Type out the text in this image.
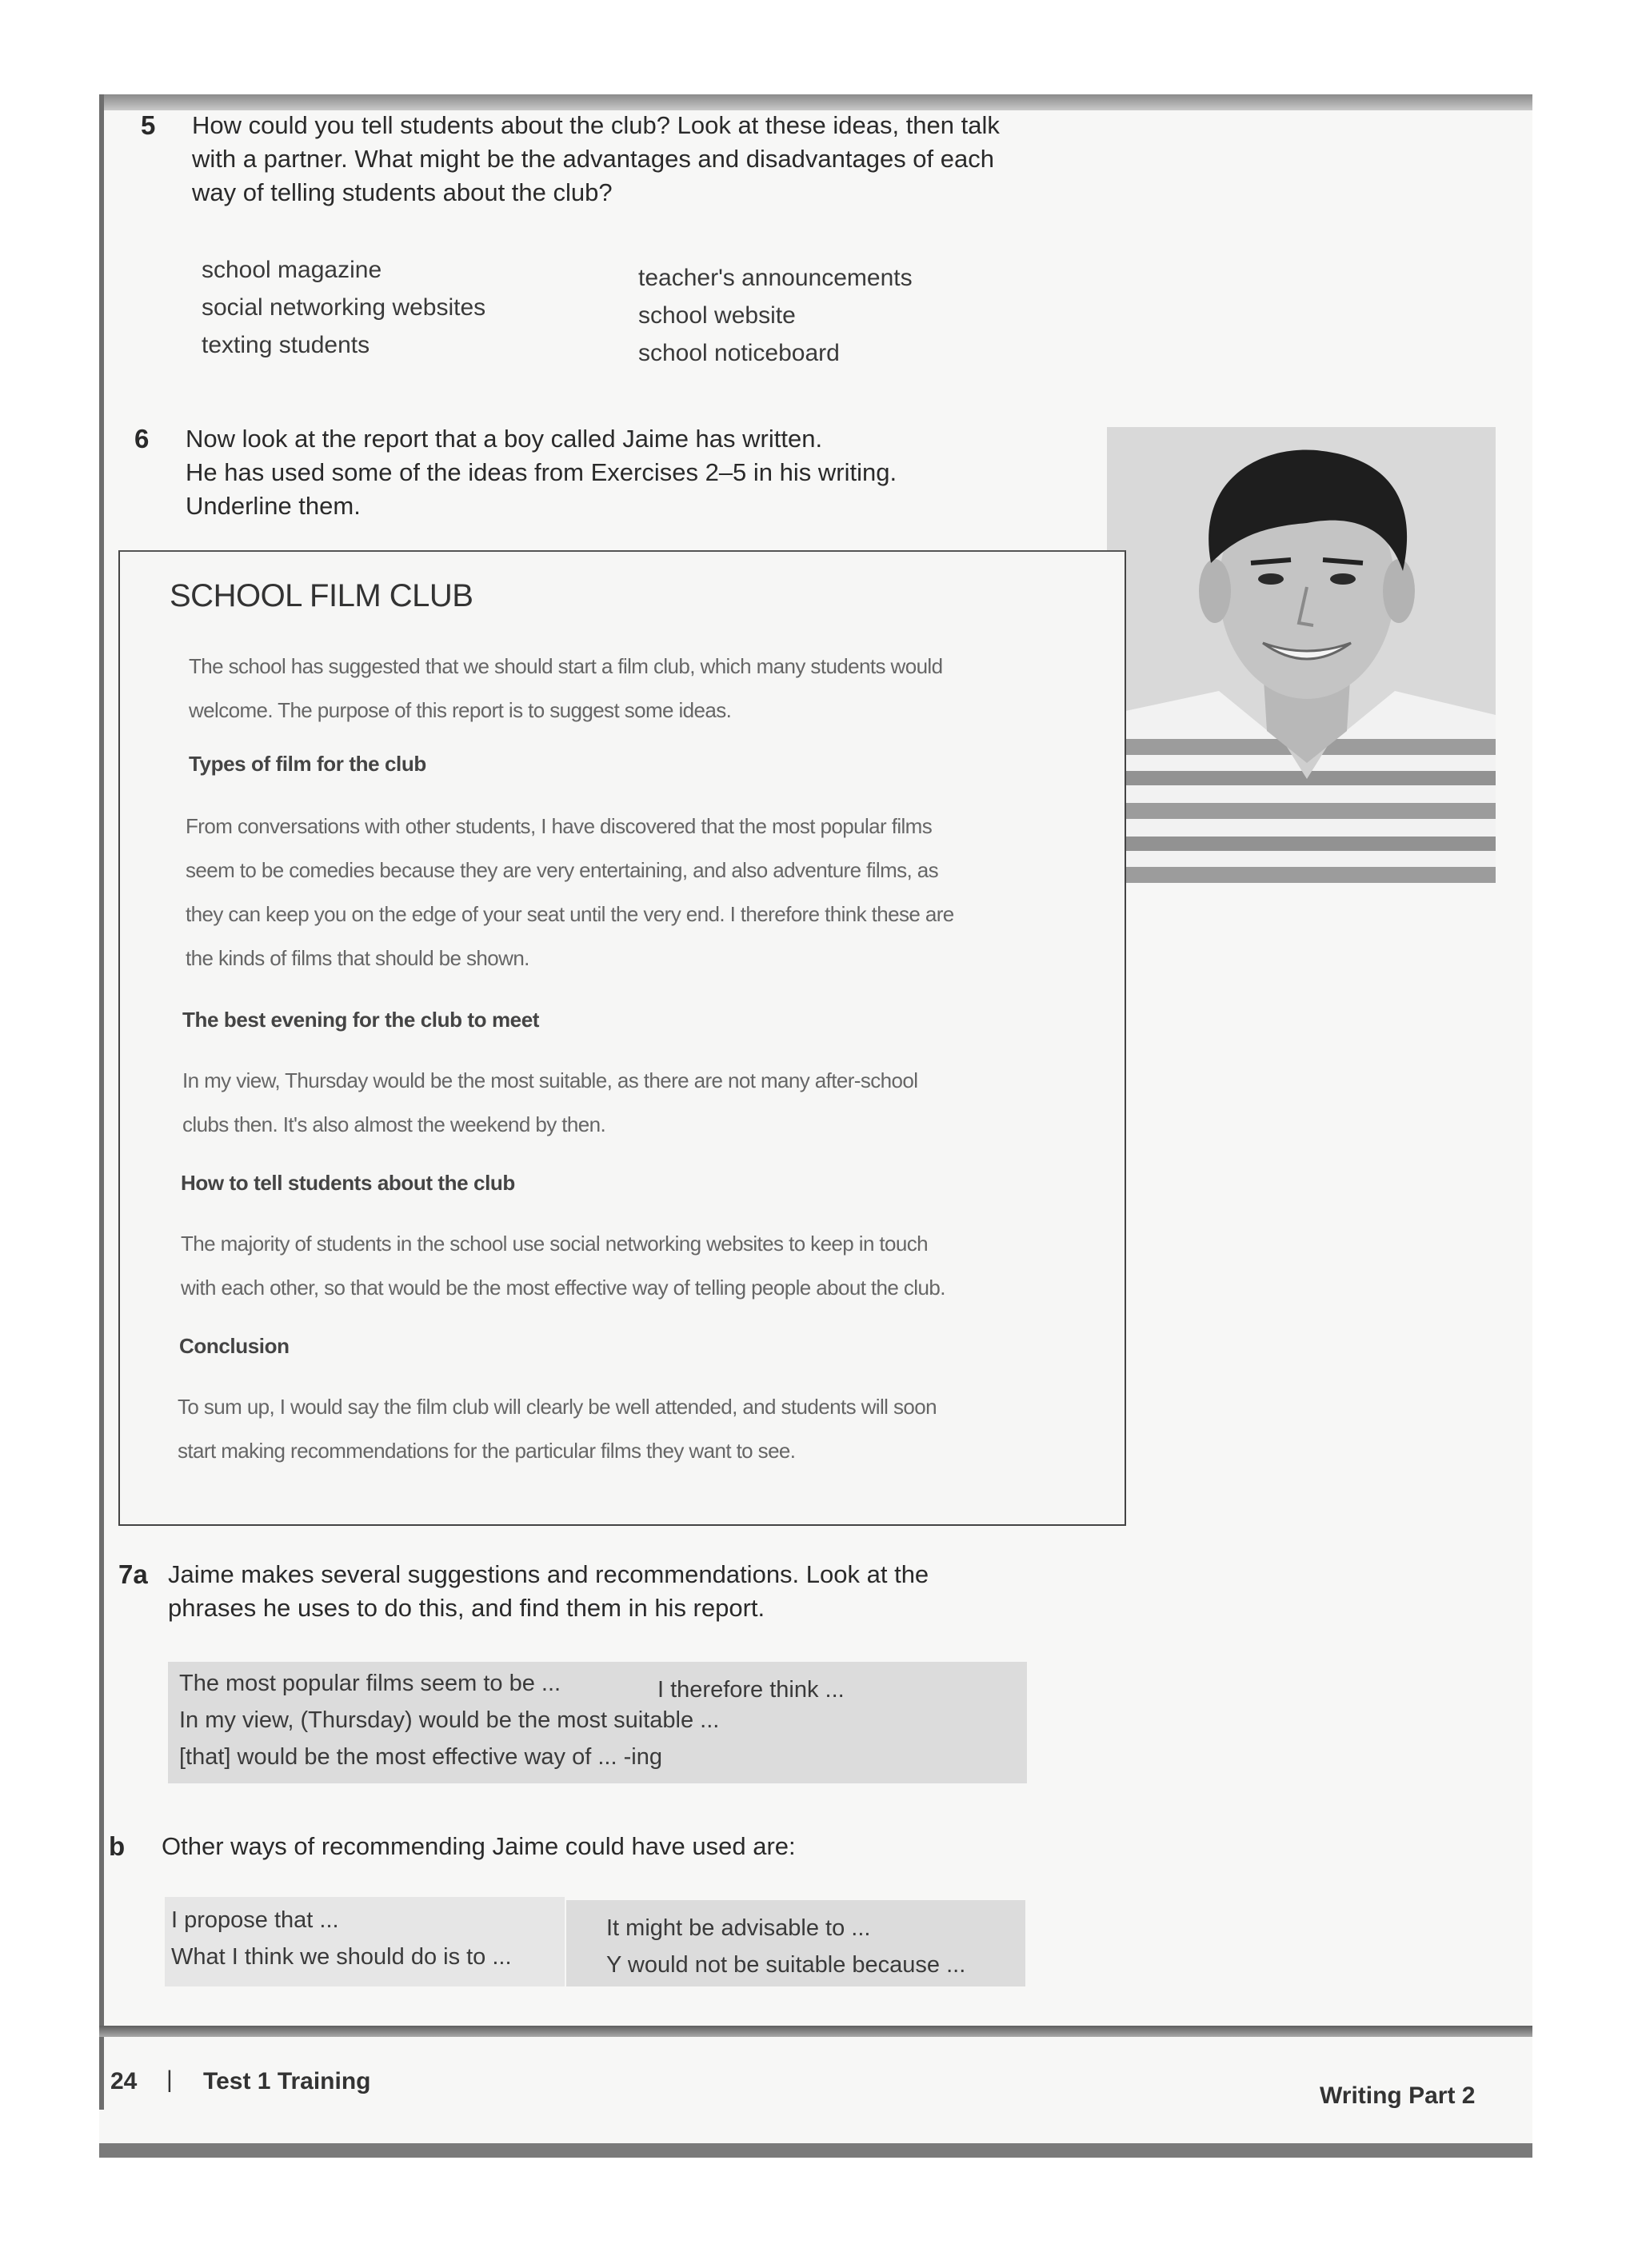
5 How could you tell students about the club? Look at these ideas, then talk
with a partner. What might be the advantages and disadvantages of each
way of telling students about the club?
school magazine
social networking websites
texting students
teacher's announcements
school website
school noticeboard
6 Now look at the report that a boy called Jaime has written.
He has used some of the ideas from Exercises 2–5 in his writing.
Underline them.
SCHOOL FILM CLUB
The school has suggested that we should start a film club, which many students would
welcome. The purpose of this report is to suggest some ideas.
Types of film for the club
From conversations with other students, I have discovered that the most popular films
seem to be comedies because they are very entertaining, and also adventure films, as
they can keep you on the edge of your seat until the very end. I therefore think these are
the kinds of films that should be shown.
The best evening for the club to meet
In my view, Thursday would be the most suitable, as there are not many after-school
clubs then. It's also almost the weekend by then.
How to tell students about the club
The majority of students in the school use social networking websites to keep in touch
with each other, so that would be the most effective way of telling people about the club.
Conclusion
To sum up, I would say the film club will clearly be well attended, and students will soon
start making recommendations for the particular films they want to see.
7a Jaime makes several suggestions and recommendations. Look at the
phrases he uses to do this, and find them in his report.
The most popular films seem to be ...	I therefore think ...
In my view, (Thursday) would be the most suitable ...
[that] would be the most effective way of ... -ing
b Other ways of recommending Jaime could have used are:
I propose that ...
What I think we should do is to ...
It might be advisable to ...
Y would not be suitable because ...
24 | Test 1 Training
Writing Part 2
